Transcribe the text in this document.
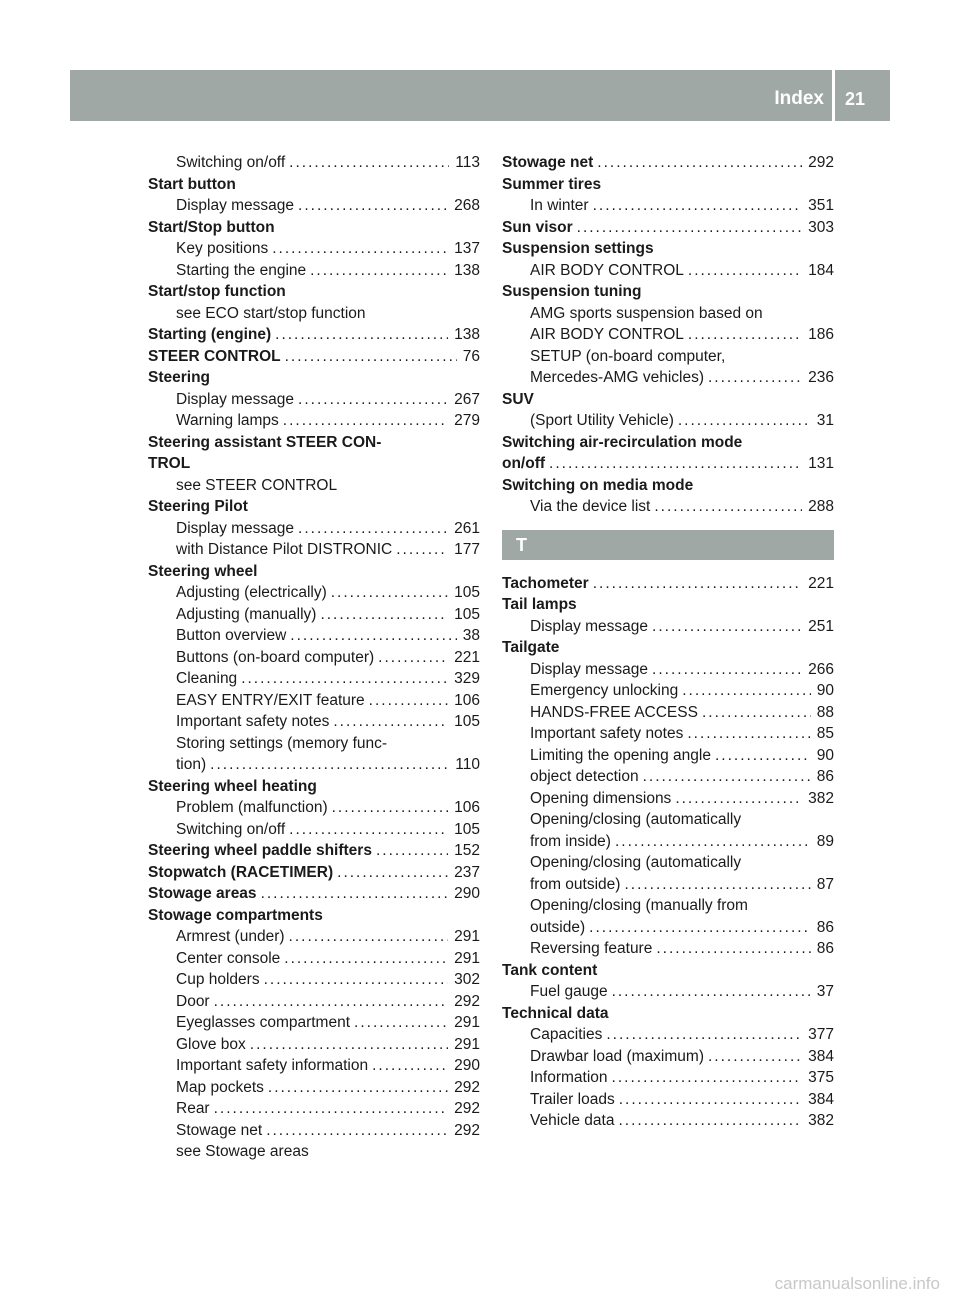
Index 21
Switching on/off .....	113
Start button
Display message .....	268
Start/Stop button
Key positions .....	137
Starting the engine .....	138
Start/stop function
see ECO start/stop function
Starting (engine) .....	138
STEER CONTROL .....	76
Steering
Display message .....	267
Warning lamps .....	279
Steering assistant STEER CON-
TROL
see STEER CONTROL
Steering Pilot
Display message .....	261
with Distance Pilot DISTRONIC .....	177
Steering wheel
Adjusting (electrically) .....	105
Adjusting (manually) .....	105
Button overview .....	38
Buttons (on-board computer) .....	221
Cleaning .....	329
EASY ENTRY/EXIT feature .....	106
Important safety notes .....	105
Storing settings (memory func-
tion) .....	110
Steering wheel heating
Problem (malfunction) .....	106
Switching on/off .....	105
Steering wheel paddle shifters .....	152
Stopwatch (RACETIMER) .....	237
Stowage areas .....	290
Stowage compartments
Armrest (under) .....	291
Center console .....	291
Cup holders .....	302
Door .....	292
Eyeglasses compartment .....	291
Glove box .....	291
Important safety information .....	290
Map pockets .....	292
Rear .....	292
Stowage net .....	292
see Stowage areas
Stowage net .....	292
Summer tires
In winter .....	351
Sun visor .....	303
Suspension settings
AIR BODY CONTROL .....	184
Suspension tuning
AMG sports suspension based on
AIR BODY CONTROL .....	186
SETUP (on-board computer,
Mercedes-AMG vehicles) .....	236
SUV
(Sport Utility Vehicle) .....	31
Switching air-recirculation mode
on/off .....	131
Switching on media mode
Via the device list .....	288
T
Tachometer .....	221
Tail lamps
Display message .....	251
Tailgate
Display message .....	266
Emergency unlocking .....	90
HANDS-FREE ACCESS .....	88
Important safety notes .....	85
Limiting the opening angle .....	90
object detection .....	86
Opening dimensions .....	382
Opening/closing (automatically
from inside) .....	89
Opening/closing (automatically
from outside) .....	87
Opening/closing (manually from
outside) .....	86
Reversing feature .....	86
Tank content
Fuel gauge .....	37
Technical data
Capacities .....	377
Drawbar load (maximum) .....	384
Information .....	375
Trailer loads .....	384
Vehicle data .....	382
carmanualsonline.info
